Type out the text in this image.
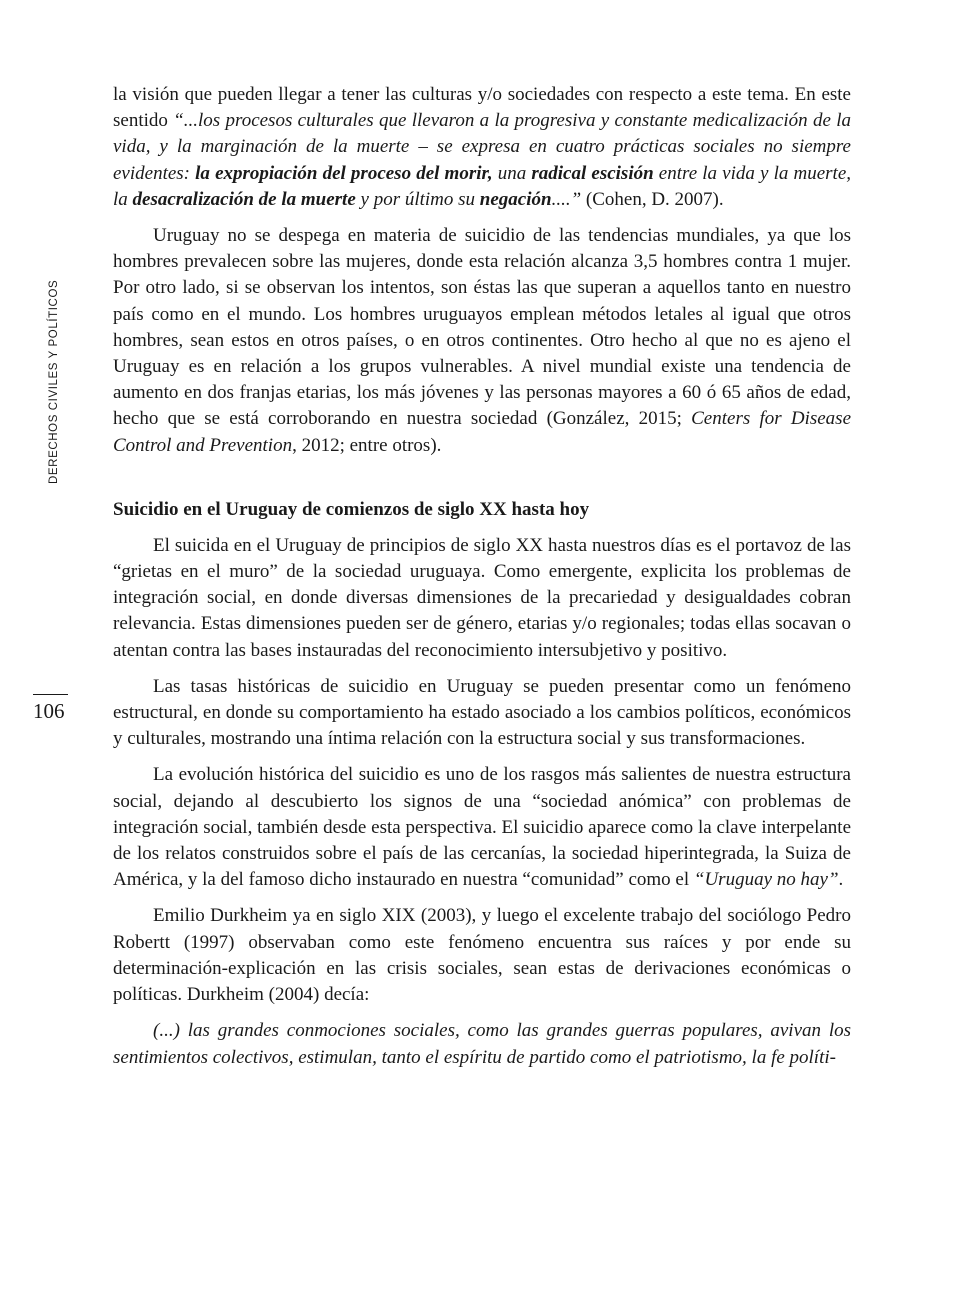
DERECHOS CIVILES Y POLÍTICOS
106

la visión que pueden llegar a tener las culturas y/o sociedades con respecto a este tema. En este sentido “...los procesos culturales que llevaron a la progresiva y constante medicalización de la vida, y la marginación de la muerte – se expresa en cuatro prácticas sociales no siempre evidentes: la expropiación del proceso del morir, una radical escisión entre la vida y la muerte, la desacralización de la muerte y por último su negación....” (Cohen, D. 2007).

Uruguay no se despega en materia de suicidio de las tendencias mundiales, ya que los hombres prevalecen sobre las mujeres, donde esta relación alcanza 3,5 hombres contra 1 mujer. Por otro lado, si se observan los intentos, son éstas las que superan a aquellos tanto en nuestro país como en el mundo. Los hombres uruguayos emplean métodos letales al igual que otros hombres, sean estos en otros países, o en otros continentes. Otro hecho al que no es ajeno el Uruguay es en relación a los grupos vulnerables. A nivel mundial existe una tendencia de aumento en dos franjas etarias, los más jóvenes y las personas mayores a 60 ó 65 años de edad, hecho que se está corroborando en nuestra sociedad (González, 2015; Centers for Disease Control and Prevention, 2012; entre otros).

Suicidio en el Uruguay de comienzos de siglo XX hasta hoy

El suicida en el Uruguay de principios de siglo XX hasta nuestros días es el portavoz de las “grietas en el muro” de la sociedad uruguaya. Como emergente, explicita los problemas de integración social, en donde diversas dimensiones de la precariedad y desigualdades cobran relevancia. Estas dimensiones pueden ser de género, etarias y/o regionales; todas ellas socavan o atentan contra las bases instauradas del reconocimiento intersubjetivo y positivo.

Las tasas históricas de suicidio en Uruguay se pueden presentar como un fenómeno estructural, en donde su comportamiento ha estado asociado a los cambios políticos, económicos y culturales, mostrando una íntima relación con la estructura social y sus transformaciones.

La evolución histórica del suicidio es uno de los rasgos más salientes de nuestra estructura social, dejando al descubierto los signos de una “sociedad anómica” con problemas de integración social, también desde esta perspectiva. El suicidio aparece como la clave interpelante de los relatos construidos sobre el país de las cercanías, la sociedad hiperintegrada, la Suiza de América, y la del famoso dicho instaurado en nuestra “comunidad” como el “Uruguay no hay”.

Emilio Durkheim ya en siglo XIX (2003), y luego el excelente trabajo del sociólogo Pedro Robertt (1997) observaban como este fenómeno encuentra sus raíces y por ende su determinación-explicación en las crisis sociales, sean estas de derivaciones económicas o políticas. Durkheim (2004) decía:

(...) las grandes conmociones sociales, como las grandes guerras populares, avivan los sentimientos colectivos, estimulan, tanto el espíritu de partido como el patriotismo, la fe políti-
